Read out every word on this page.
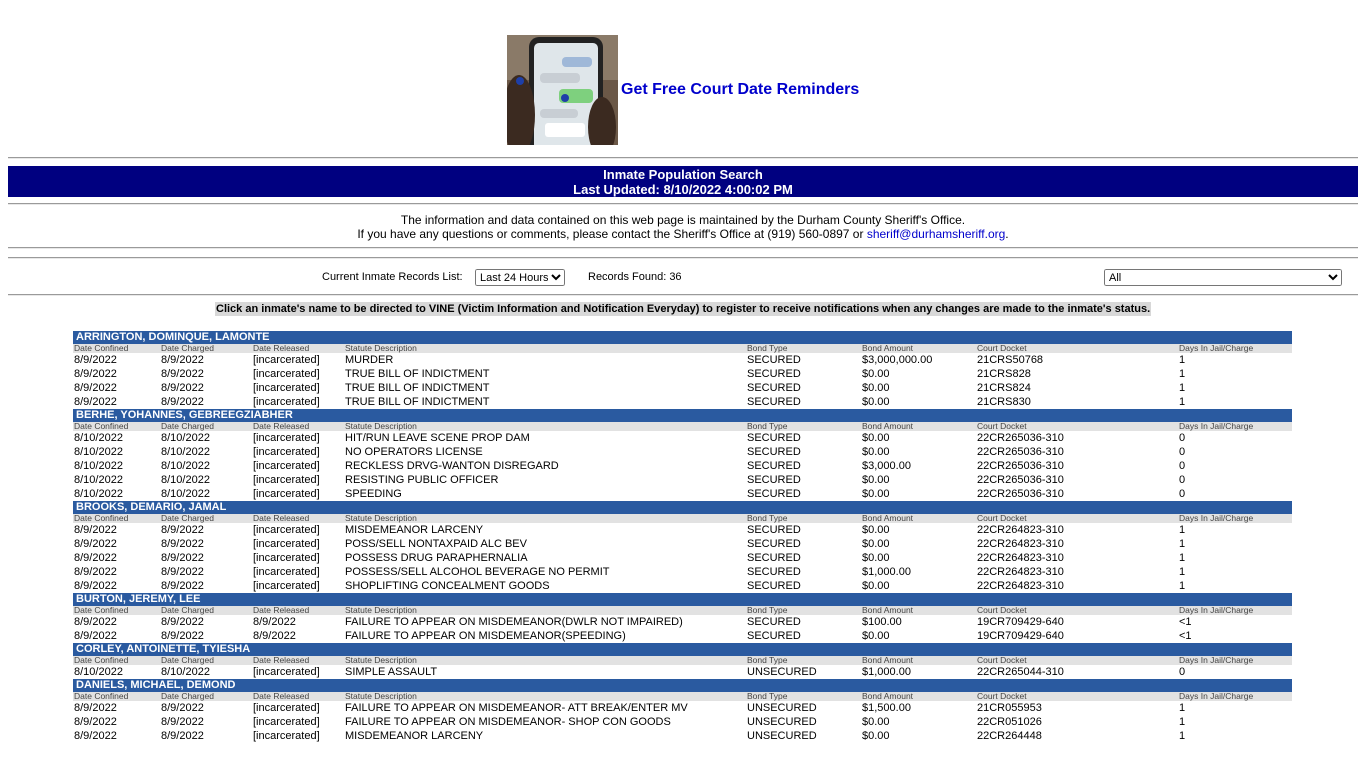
Get Free Court Date Reminders
Inmate Population Search
Last Updated: 8/10/2022 4:00:02 PM
The information and data contained on this web page is maintained by the Durham County Sheriff's Office.
If you have any questions or comments, please contact the Sheriff's Office at (919) 560-0897 or sheriff@durhamsheriff.org.
Current Inmate Records List:
Last 24 Hours	Records Found: 36
All
Click an inmate's name to be directed to VINE (Victim Information and Notification Everyday) to register to receive notifications when any changes are made to the inmate's status.
ARRINGTON, DOMINQUE, LAMONTE
Date Confined	Date Charged	Date Released	Statute Description	Bond Type	Bond Amount	Court Docket	Days In Jail/Charge
8/9/2022	8/9/2022	[incarcerated] MURDER	SECURED	$3,000,000.00	21CRS50768	1
8/9/2022	8/9/2022	[incarcerated] TRUE BILL OF INDICTMENT	SECURED	$0.00	21CRS828	1
8/9/2022	8/9/2022	[incarcerated] TRUE BILL OF INDICTMENT	SECURED	$0.00	21CRS824	1
8/9/2022	8/9/2022	[incarcerated] TRUE BILL OF INDICTMENT	SECURED	$0.00	21CRS830	1
BERHE, YOHANNES, GEBREEGZIABHER
Date Confined	Date Charged	Date Released	Statute Description	Bond Type	Bond Amount	Court Docket	Days In Jail/Charge
8/10/2022	8/10/2022	[incarcerated] HIT/RUN LEAVE SCENE PROP DAM	SECURED	$0.00	22CR265036-310	0
8/10/2022	8/10/2022	[incarcerated] NO OPERATORS LICENSE	SECURED	$0.00	22CR265036-310	0
8/10/2022	8/10/2022	[incarcerated] RECKLESS DRVG-WANTON DISREGARD	SECURED	$3,000.00	22CR265036-310	0
8/10/2022	8/10/2022	[incarcerated] RESISTING PUBLIC OFFICER	SECURED	$0.00	22CR265036-310	0
8/10/2022	8/10/2022	[incarcerated] SPEEDING	SECURED	$0.00	22CR265036-310	0
BROOKS, DEMARIO, JAMAL
Date Confined	Date Charged	Date Released	Statute Description	Bond Type	Bond Amount	Court Docket	Days In Jail/Charge
8/9/2022	8/9/2022	[incarcerated] MISDEMEANOR LARCENY	SECURED	$0.00	22CR264823-310	1
8/9/2022	8/9/2022	[incarcerated] POSS/SELL NONTAXPAID ALC BEV	SECURED	$0.00	22CR264823-310	1
8/9/2022	8/9/2022	[incarcerated] POSSESS DRUG PARAPHERNALIA	SECURED	$0.00	22CR264823-310	1
8/9/2022	8/9/2022	[incarcerated] POSSESS/SELL ALCOHOL BEVERAGE NO PERMIT	SECURED	$1,000.00	22CR264823-310	1
8/9/2022	8/9/2022	[incarcerated] SHOPLIFTING CONCEALMENT GOODS	SECURED	$0.00	22CR264823-310	1
BURTON, JEREMY, LEE
Date Confined	Date Charged	Date Released	Statute Description	Bond Type	Bond Amount	Court Docket	Days In Jail/Charge
8/9/2022	8/9/2022	8/9/2022	FAILURE TO APPEAR ON MISDEMEANOR(DWLR NOT IMPAIRED)	SECURED	$100.00	19CR709429-640	<1
8/9/2022	8/9/2022	8/9/2022	FAILURE TO APPEAR ON MISDEMEANOR(SPEEDING)	SECURED	$0.00	19CR709429-640	<1
CORLEY, ANTOINETTE, TYIESHA
Date Confined	Date Charged	Date Released	Statute Description	Bond Type	Bond Amount	Court Docket	Days In Jail/Charge
8/10/2022	8/10/2022	[incarcerated] SIMPLE ASSAULT	UNSECURED	$1,000.00	22CR265044-310	0
DANIELS, MICHAEL, DEMOND
Date Confined	Date Charged	Date Released	Statute Description	Bond Type	Bond Amount	Court Docket	Days In Jail/Charge
8/9/2022	8/9/2022	[incarcerated] FAILURE TO APPEAR ON MISDEMEANOR- ATT BREAK/ENTER MV	UNSECURED	$1,500.00	21CR055953	1
8/9/2022	8/9/2022	[incarcerated] FAILURE TO APPEAR ON MISDEMEANOR- SHOP CON GOODS	UNSECURED	$0.00	22CR051026	1
8/9/2022	8/9/2022	[incarcerated] MISDEMEANOR LARCENY	UNSECURED	$0.00	22CR264448	1
